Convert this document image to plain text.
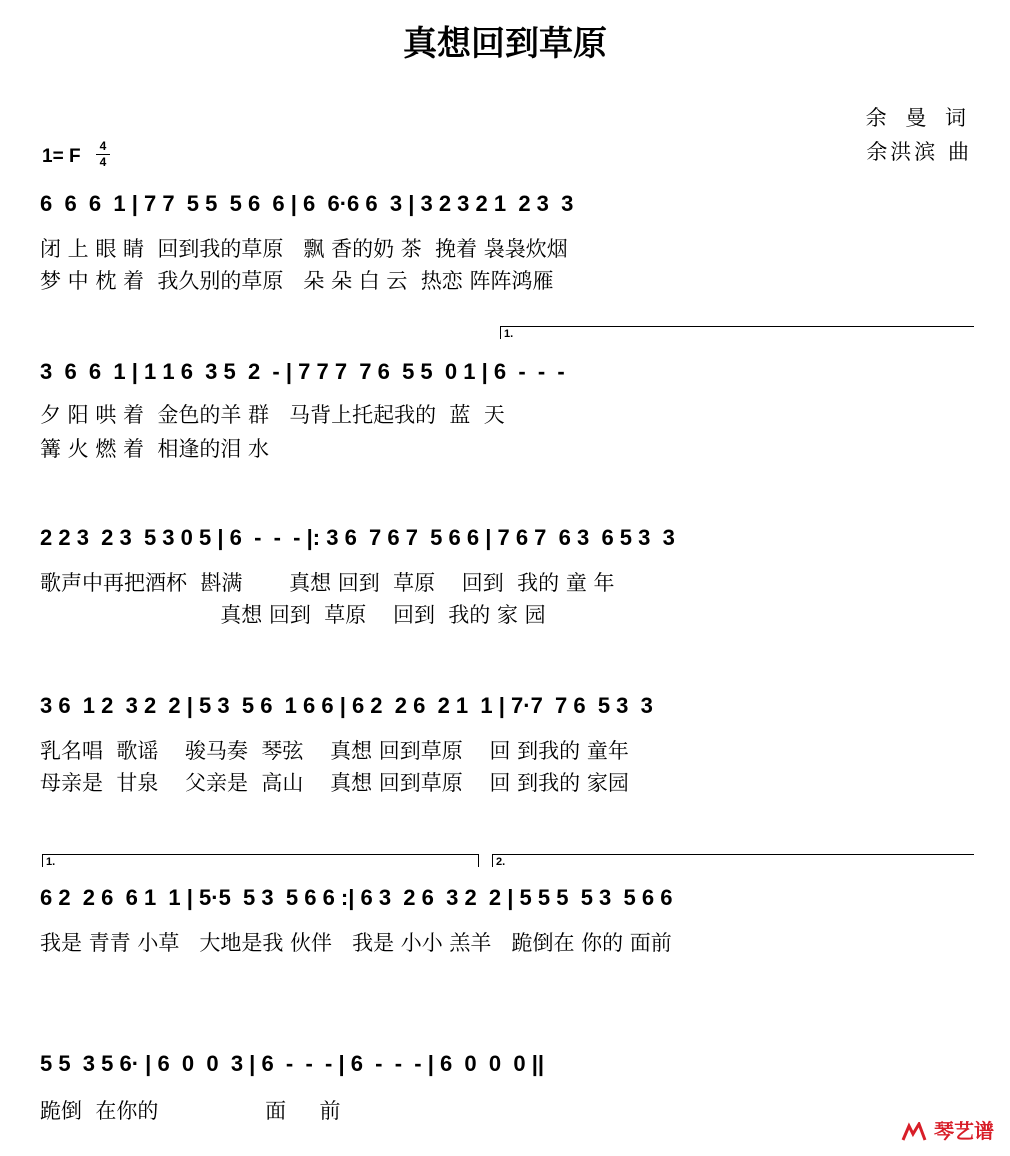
真想回到草原
余 曼 词
余洪滨 曲
1= F	4
4
6  6  6  1 | 7 7  5 5  5 6  6 | 6  6·6 6  3 | 3 2 3 2 1  2 3  3
闭 上 眼 睛  回到我的草原   飘 香的奶 茶  挽着 袅袅炊烟
梦 中 枕 着  我久别的草原   朵 朵 白 云  热恋 阵阵鸿雁
1.
3  6  6  1 | 1 1 6  3 5  2  - | 7 7 7  7 6  5 5  0 1 | 6  -  -  -
夕 阳 哄 着  金色的羊 群   马背上托起我的  蓝  天
篝 火 燃 着  相逢的泪 水
2 2 3  2 3  5 3 0 5 | 6  -  -  - |: 3 6  7 6 7  5 6 6 | 7 6 7  6 3  6 5 3  3
歌声中再把酒杯  斟满       真想 回到  草原    回到  我的 童 年
真想 回到  草原    回到  我的 家 园
3 6  1 2  3 2  2 | 5 3  5 6  1 6 6 | 6 2  2 6  2 1  1 | 7·7  7 6  5 3  3
乳名唱  歌谣    骏马奏  琴弦    真想 回到草原    回 到我的 童年
母亲是  甘泉    父亲是  高山    真想 回到草原    回 到我的 家园
1.	2.
6 2  2 6  6 1  1 | 5·5  5 3  5 6 6 :| 6 3  2 6  3 2  2 | 5 5 5  5 3  5 6 6
我是 青青 小草   大地是我 伙伴   我是 小小 羔羊   跪倒在 你的 面前
5 5  3 5 6· | 6  0  0  3 | 6  -  -  - | 6  -  -  - | 6  0  0  0 ||
跪倒  在你的                面     前
琴艺谱
